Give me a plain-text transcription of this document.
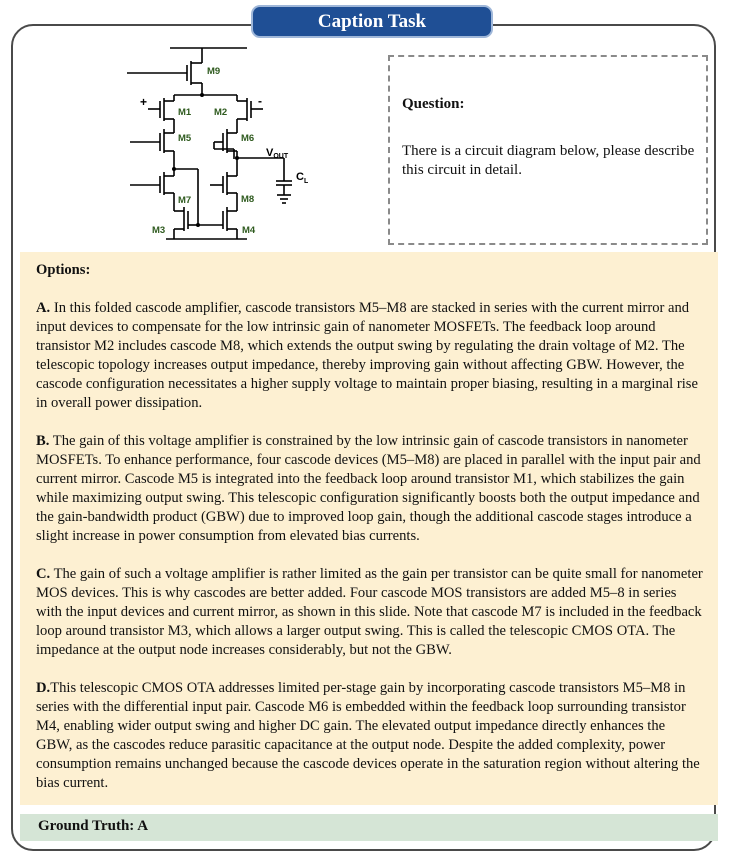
Caption Task
M9
M1 M2
M5	M6
M7	M8
M3	M4
+	-
VOUT
$C_L$
Question:
There is a circuit diagram below, please describe this circuit in detail.
Options:

A. In this folded cascode amplifier, cascode transistors M5–M8 are stacked in series with the current mirror and input devices to compensate for the low intrinsic gain of nanometer MOSFETs. The feedback loop around transistor M2 includes cascode M8, which extends the output swing by regulating the drain voltage of M2. The telescopic topology increases output impedance, thereby improving gain without affecting GBW. However, the cascode configuration necessitates a higher supply voltage to maintain proper biasing, resulting in a marginal rise in overall power dissipation.

B. The gain of this voltage amplifier is constrained by the low intrinsic gain of cascode transistors in nanometer MOSFETs. To enhance performance, four cascode devices (M5–M8) are placed in parallel with the input pair and current mirror. Cascode M5 is integrated into the feedback loop around transistor M1, which stabilizes the gain while maximizing output swing. This telescopic configuration significantly boosts both the output impedance and the gain-bandwidth product (GBW) due to improved loop gain, though the additional cascode stages introduce a slight increase in power consumption from elevated bias currents.

C. The gain of such a voltage amplifier is rather limited as the gain per transistor can be quite small for nanometer MOS devices. This is why cascodes are better added. Four cascode MOS transistors are added M5–8 in series with the input devices and current mirror, as shown in this slide. Note that cascode M7 is included in the feedback loop around transistor M3, which allows a larger output swing. This is called the telescopic CMOS OTA. The impedance at the output node increases considerably, but not the GBW.

D.This telescopic CMOS OTA addresses limited per-stage gain by incorporating cascode transistors M5–M8 in series with the differential input pair. Cascode M6 is embedded within the feedback loop surrounding transistor M4, enabling wider output swing and higher DC gain. The elevated output impedance directly enhances the GBW, as the cascodes reduce parasitic capacitance at the output node. Despite the added complexity, power consumption remains unchanged because the cascode devices operate in the saturation region without altering the bias current.

Ground Truth: A
